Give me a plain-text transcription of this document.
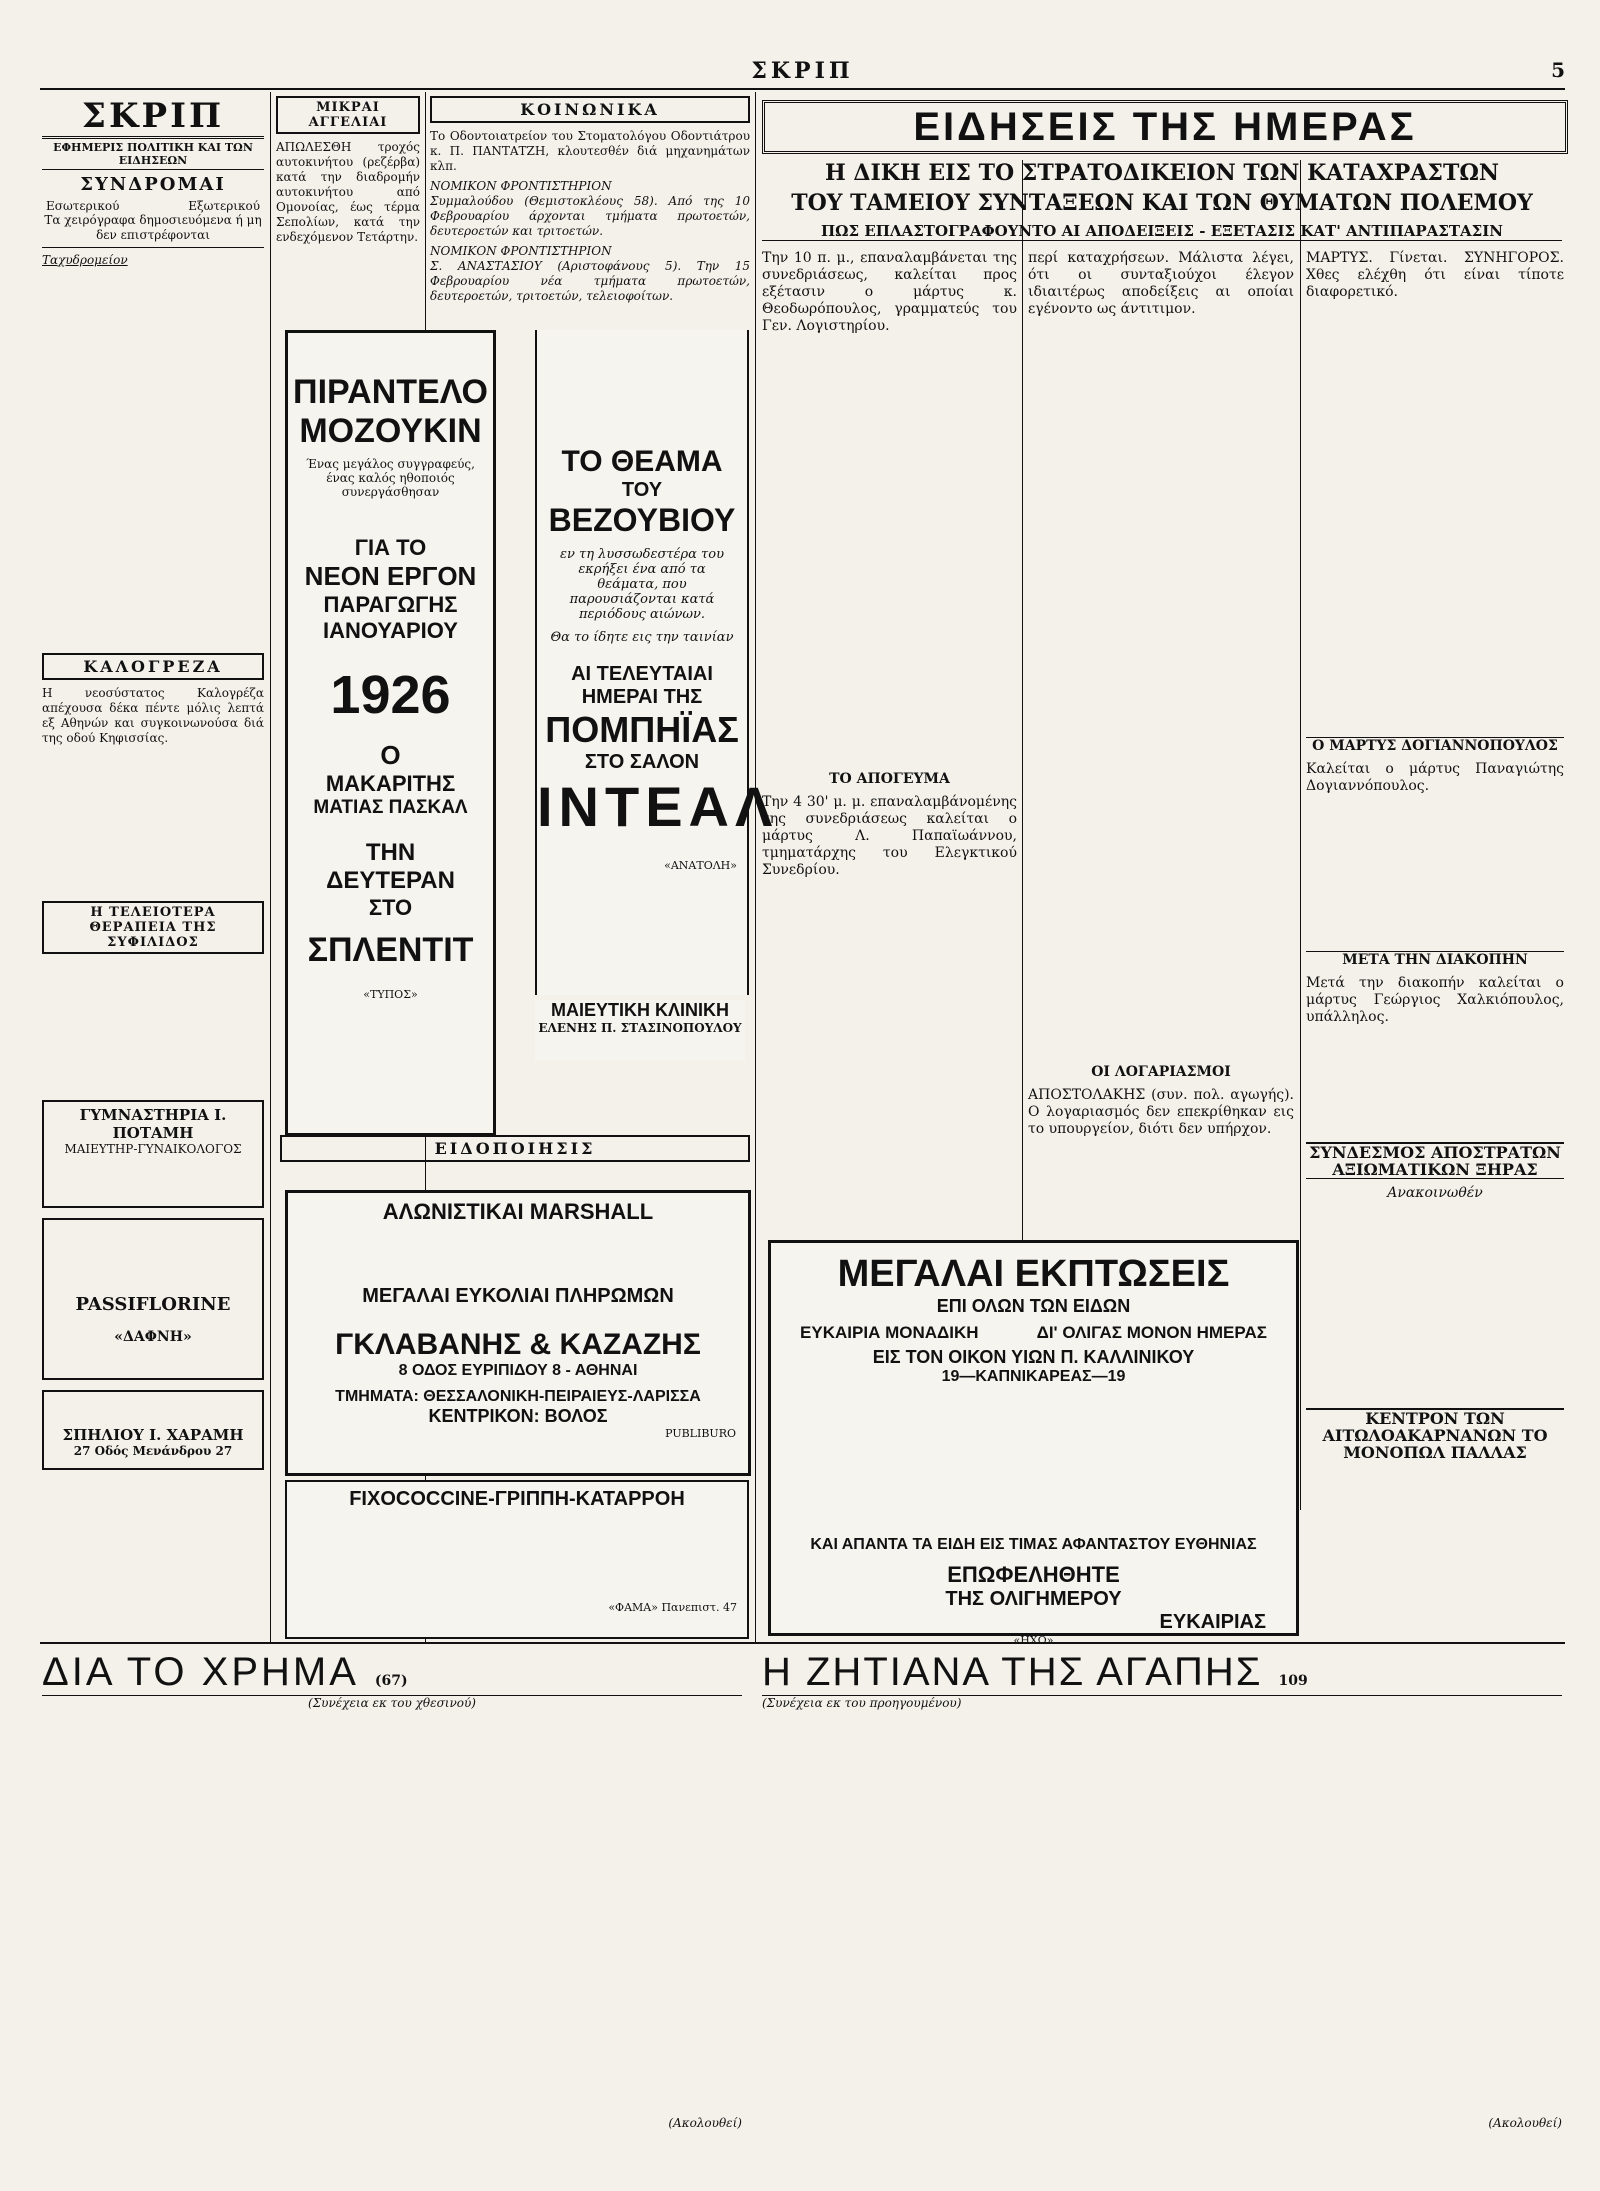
ΣΚΡΙΠ	5
ΣΚΡΙΠ
ΕΦΗΜΕΡΙΣ ΠΟΛΙΤΙΚΗ ΚΑΙ ΤΩΝ ΕΙΔΗΣΕΩΝ
ΣΥΝΔΡΟΜΑΙ
Εσωτερικού	Εξωτερικού

Τα χειρόγραφα δημοσιευόμενα ή μη δεν επιστρέφονται

Ταχυδρομείον

ΚΑΛΟΓΡΕΖΑ

Η νεοσύστατος Καλογρέζα απέχουσα δέκα πέντε μόλις λεπτά εξ Αθηνών και συγκοινωνούσα διά της οδού Κηφισσίας.

Η ΤΕΛΕΙΟΤΕΡΑ ΘΕΡΑΠΕΙΑ ΤΗΣ ΣΥΦΙΛΙΔΟΣ
ΓΥΜΝΑΣΤΗΡΙΑ Ι. ΠΟΤΑΜΗ
ΜΑΙΕΥΤΗΡ-ΓΥΝΑΙΚΟΛΟΓΟΣ
PASSIFLORINE
«ΔΑΦΝΗ»
ΣΠΗΛΙΟΥ Ι. ΧΑΡΑΜΗ
27 Οδός Μενάνδρου 27
ΜΙΚΡΑΙ ΑΓΓΕΛΙΑΙ

ΑΠΩΛΕΣΘΗ τροχός αυτοκινήτου (ρεζέρβα) κατά την διαδρομήν αυτοκινήτου από Ομονοίας, έως τέρμα Σεπολίων, κατά την ενδεχόμενον Τετάρτην.

ΚΟΙΝΩΝΙΚΑ

Το Οδοντοιατρείον του Στοματολόγου Οδοντιάτρου κ. Π. ΠΑΝΤΑΤΖΗ, κλουτεσθέν διά μηχανημάτων κλπ.

ΝΟΜΙΚΟΝ ΦΡΟΝΤΙΣΤΗΡΙΟΝ

Συμμαλούδου (Θεμιστοκλέους 58). Από της 10 Φεβρουαρίου άρχονται τμήματα πρωτοετών, δευτεροετών και τριτοετών.

ΝΟΜΙΚΟΝ ΦΡΟΝΤΙΣΤΗΡΙΟΝ

Σ. ΑΝΑΣΤΑΣΙΟΥ (Αριστοφάνους 5). Την 15 Φεβρουαρίου νέα τμήματα πρωτοετών, δευτεροετών, τριτοετών, τελειοφοίτων.

ΠΙΡΑΝΤΕΛΟ
ΜΟΖΟΥΚΙΝ
Ένας μεγάλος συγγραφεύς, ένας καλός ηθοποιός συνεργάσθησαν
ΓΙΑ ΤΟ
ΝΕΟΝ ΕΡΓΟΝ
ΠΑΡΑΓΩΓΗΣ
ΙΑΝΟΥΑΡΙΟΥ
1926
Ο
ΜΑΚΑΡΙΤΗΣ
ΜΑΤΙΑΣ ΠΑΣΚΑΛ
ΤΗΝ
ΔΕΥΤΕΡΑΝ
ΣΤΟ
ΣΠΛΕΝΤΙΤ
«ΤΥΠΟΣ»
ΤΟ ΘΕΑΜΑ
ΤΟΥ
ΒΕΖΟΥΒΙΟΥ
εν τη λυσσωδεστέρα του εκρήξει ένα από τα θεάματα, που παρουσιάζονται κατά περιόδους αιώνων.
Θα το ίδητε εις την ταινίαν
ΑΙ ΤΕΛΕΥΤΑΙΑΙ
ΗΜΕΡΑΙ ΤΗΣ
ΠΟΜΠΗΪΑΣ
ΣΤΟ ΣΑΛΟΝ
ΙΝΤΕΑΛ
«ΑΝΑΤΟΛΗ»
ΜΑΙΕΥΤΙΚΗ ΚΛΙΝΙΚΗ
ΕΛΕΝΗΣ Π. ΣΤΑΣΙΝΟΠΟΥΛΟΥ
ΕΙΔΟΠΟΙΗΣΙΣ
ΑΛΩΝΙΣΤΙΚΑΙ MARSHALL
ΜΕΓΑΛΑΙ ΕΥΚΟΛΙΑΙ ΠΛΗΡΩΜΩΝ
ΓΚΛΑΒΑΝΗΣ & ΚΑΖΑΖΗΣ
8 ΟΔΟΣ ΕΥΡΙΠΙΔΟΥ 8 - ΑΘΗΝΑΙ
ΤΜΗΜΑΤΑ: ΘΕΣΣΑΛΟΝΙΚΗ-ΠΕΙΡΑΙΕΥΣ-ΛΑΡΙΣΣΑ
ΚΕΝΤΡΙΚΟΝ: ΒΟΛΟΣ
PUBLIBURO
FIXOCOCCINE-ΓΡΙΠΠΗ-ΚΑΤΑΡΡΟΗ
«ΦΑΜΑ» Πανεπιστ. 47
ΕΙΔΗΣΕΙΣ ΤΗΣ ΗΜΕΡΑΣ
Η ΔΙΚΗ ΕΙΣ ΤΟ ΣΤΡΑΤΟΔΙΚΕΙΟΝ ΤΩΝ ΚΑΤΑΧΡΑΣΤΩΝ
ΤΟΥ ΤΑΜΕΙΟΥ ΣΥΝΤΑΞΕΩΝ ΚΑΙ ΤΩΝ ΘΥΜΑΤΩΝ ΠΟΛΕΜΟΥ
ΠΩΣ ΕΠΛΑΣΤΟΓΡΑΦΟΥΝΤΟ ΑΙ ΑΠΟΔΕΙΞΕΙΣ - ΕΞΕΤΑΣΙΣ ΚΑΤ' ΑΝΤΙΠΑΡΑΣΤΑΣΙΝ

Την 10 π. μ., επαναλαμβάνεται της συνεδριάσεως, καλείται προς εξέτασιν ο μάρτυς κ. Θεοδωρόπουλος, γραμματεύς του Γεν. Λογιστηρίου.

ΤΟ ΑΠΟΓΕΥΜΑ

Την 4 30' μ. μ. επαναλαμβάνομένης της συνεδριάσεως καλείται ο μάρτυς Λ. Παπαϊωάννου, τμηματάρχης του Ελεγκτικού Συνεδρίου.

περί καταχρήσεων. Μάλιστα λέγει, ότι οι συνταξιούχοι έλεγον ιδιαιτέρως αποδείξεις αι οποίαι εγένοντο ως άντιτιμον.

ΟΙ ΛΟΓΑΡΙΑΣΜΟΙ

ΑΠΟΣΤΟΛΑΚΗΣ (συν. πολ. αγωγής). Ο λογαριασμός δεν επεκρίθηκαν εις το υπουργείον, διότι δεν υπήρχον.

ΜΑΡΤΥΣ. Γίνεται. ΣΥΝΗΓΟΡΟΣ. Χθες ελέχθη ότι είναι τίποτε διαφορετικό.

Ο ΜΑΡΤΥΣ ΔΟΓΙΑΝΝΟΠΟΥΛΟΣ

Καλείται ο μάρτυς Παναγιώτης Δογιαννόπουλος.

ΜΕΤΑ ΤΗΝ ΔΙΑΚΟΠΗΝ

Μετά την διακοπήν καλείται ο μάρτυς Γεώργιος Χαλκιόπουλος, υπάλληλος.

ΣΥΝΔΕΣΜΟΣ ΑΠΟΣΤΡΑΤΩΝ ΑΞΙΩΜΑΤΙΚΩΝ ΞΗΡΑΣ

Ανακοινωθέν

ΚΕΝΤΡΟΝ ΤΩΝ ΑΙΤΩΛΟΑΚΑΡΝΑΝΩΝ ΤΟ ΜΟΝΟΠΩΛ ΠΑΛΛΑΣ

ΜΕΓΑΛΑΙ ΕΚΠΤΩΣΕΙΣ
ΕΠΙ ΟΛΩΝ ΤΩΝ ΕΙΔΩΝ
ΕΥΚΑΙΡΙΑ ΜΟΝΑΔΙΚΗ	ΔΙ' ΟΛΙΓΑΣ ΜΟΝΟΝ ΗΜΕΡΑΣ
ΕΙΣ ΤΟΝ ΟΙΚΟΝ ΥΙΩΝ Π. ΚΑΛΛΙΝΙΚΟΥ
19—ΚΑΠΝΙΚΑΡΕΑΣ—19
ΚΑΙ ΑΠΑΝΤΑ ΤΑ ΕΙΔΗ ΕΙΣ ΤΙΜΑΣ ΑΦΑΝΤΑΣΤΟΥ ΕΥΘΗΝΙΑΣ
ΕΠΩΦΕΛΗΘΗΤΕ
ΤΗΣ ΟΛΙΓΗΜΕΡΟΥ
ΕΥΚΑΙΡΙΑΣ
«ΗΧΩ»
ΔΙΑ ΤΟ ΧΡΗΜΑ (67)

(Συνέχεια εκ του χθεσινού)

(Ακολουθεί)

Η ΖΗΤΙΑΝΑ ΤΗΣ ΑΓΑΠΗΣ 109

(Συνέχεια εκ του προηγουμένου)

(Ακολουθεί)
